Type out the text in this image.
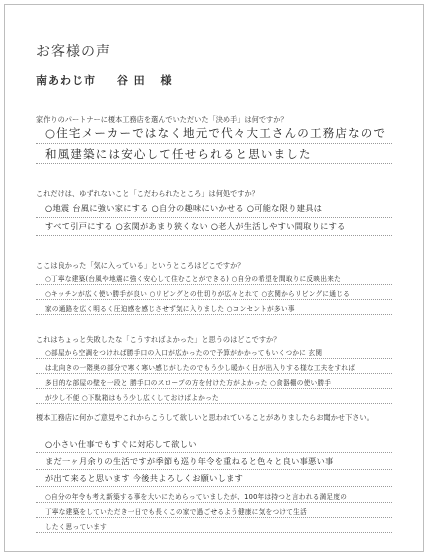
お客様の声
南あわじ市 谷 田 様
家作りのパートナーに榎本工務店を選んでいただいた「決め手」は何ですか？
○住宅メーカーではなく地元で代々大工さんの工務店なので
和風建築には安心して任せられると思いました
これだけは、ゆずれないこと「こだわられたところ」は何処ですか？
○地震 台風に強い家にする ○自分の趣味にいかせる ○可能な限り建具は
すべて引戸にする ○玄関があまり狭くない ○老人が生活しやすい間取りにする
ここは良かった「気に入っている」というところはどこですか？
○丁寧な建築(台風や地震に強く安心して住むことができる) ○自分の希望を間取りに反映出来た
○キッチンが広く使い勝手が良い ○リビングとの仕切りが広々とれて ○玄関からリビングに通じる
家の通路を広く明るく圧迫感を感じさせず気に入りました ○コンセントが多い事
これはちょっと失敗したな「こうすればよかった」と思うのはどこですか？
○部屋から空調をつければ勝手口の入口が広かったので予算がかかってもいくつかに 玄関
は北向きの一階奥の部分で寒く寒い感じがしたのでもう少し暖かく日が出入りする様な工夫をすれば
多目的な部屋の壁を一段と 勝手口のスロープの方を付けた方がよかった ○食器棚の使い勝手
が少し不便 ○下駄箱はもう少し広くしておけばよかった
榎本工務店に何かご意見やこれからこうして欲しいと思われていることがありましたらお聞かせ下さい。
○小さい仕事でもすぐに対応して欲しい
まだ一ヶ月余りの生活ですが季節も巡り年令を重ねると色々と良い事悪い事
が出て来ると思います 今後共よろしくお願いします
○自分の年令も考え新築する事を大いにためらっていましたが、100年は持つと言われる満足度の
丁寧な建築をしていただき一日でも長くこの家で過ごせるよう健康に気をつけて生活
したく思っています
